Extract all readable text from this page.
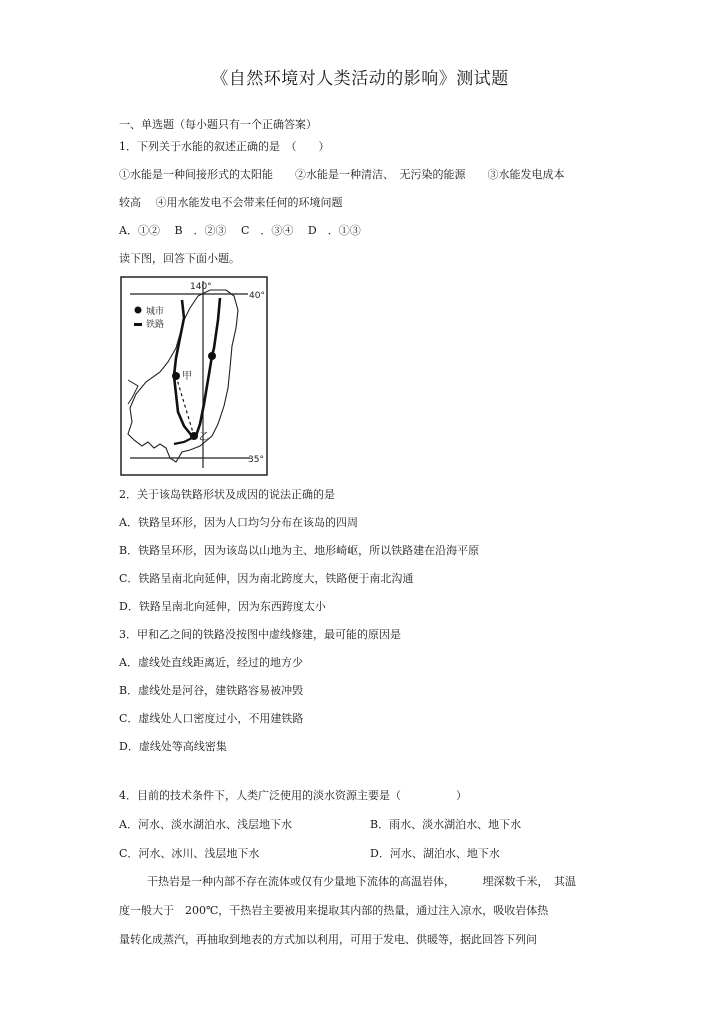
《自然环境对人类活动的影响》测试题
一、单选题（每小题只有一个正确答案）
1．下列关于水能的叙述正确的是　（　　）
①水能是一种间接形式的太阳能　　②水能是一种清洁、　无污染的能源　　③水能发电成本
较高　 ④用水能发电不会带来任何的环境问题
A．①②　 B　．②③　 C　．③④　 D　．①③
读下图，回答下面小题。
城市
铁路
140°
40°
35°
甲
乙
2．关于该岛铁路形状及成因的说法正确的是
A．铁路呈环形，因为人口均匀分布在该岛的四周
B．铁路呈环形，因为该岛以山地为主、地形崎岖，所以铁路建在沿海平原
C．铁路呈南北向延伸，因为南北跨度大，铁路便于南北沟通
D．铁路呈南北向延伸，因为东西跨度太小
3．甲和乙之间的铁路没按图中虚线修建，最可能的原因是
A．虚线处直线距离近，经过的地方少
B．虚线处是河谷，建铁路容易被冲毁
C．虚线处人口密度过小，不用建铁路
D．虚线处等高线密集
4．目前的技术条件下，人类广泛使用的淡水资源主要是（　　　　　）
A．河水、淡水湖泊水、浅层地下水	B．雨水、淡水湖泊水、地下水
C．河水、冰川、浅层地下水	D．河水、湖泊水、地下水
干热岩是一种内部不存在流体或仅有少量地下流体的高温岩体，　　　埋深数千米，　其温
度一般大于　200℃，干热岩主要被用来提取其内部的热量，通过注入凉水，吸收岩体热
量转化成蒸汽，再抽取到地表的方式加以利用，可用于发电、供暖等，据此回答下列问
